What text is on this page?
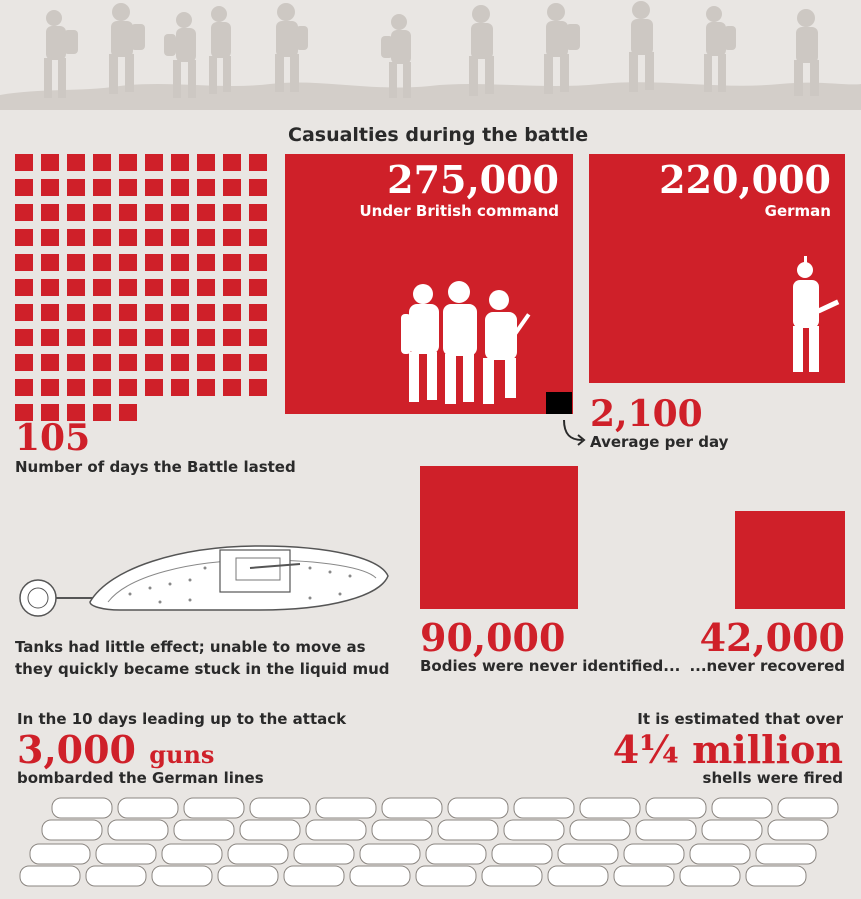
Casualties during the battle
105
Number of days the Battle lasted
275,000
Under British command
2,100
Average per day
220,000
German
Tanks had little effect; unable to move as
they quickly became stuck in the liquid mud
90,000
Bodies were never identified...
42,000
...never recovered
In the 10 days leading up to the attack
3,000 guns
bombarded the German lines
It is estimated that over
4¼ million
shells were fired
